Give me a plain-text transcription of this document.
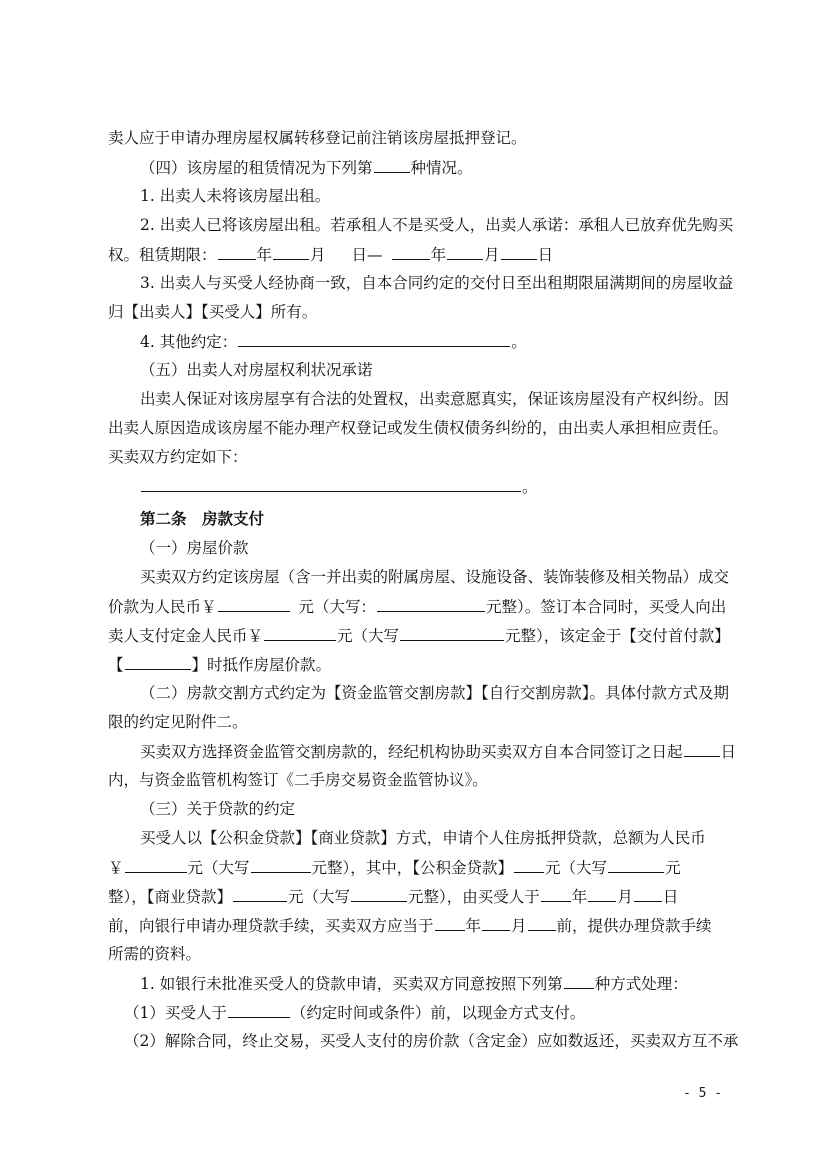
卖人应于申请办理房屋权属转移登记前注销该房屋抵押登记。
（四）该房屋的租赁情况为下列第 种情况。
1. 出卖人未将该房屋出租。
2. 出卖人已将该房屋出租。若承租人不是买受人，出卖人承诺：承租人已放弃优先购买
权。租赁期限：	年 月 日—	年 月 日
3. 出卖人与买受人经协商一致，自本合同约定的交付日至出租期限届满期间的房屋收益
归【出卖人】【买受人】所有。
4. 其他约定：	。
（五）出卖人对房屋权利状况承诺
出卖人保证对该房屋享有合法的处置权，出卖意愿真实，保证该房屋没有产权纠纷。因
出卖人原因造成该房屋不能办理产权登记或发生债权债务纠纷的，由出卖人承担相应责任。
买卖双方约定如下：
。
第二条　房款支付
（一）房屋价款
买卖双方约定该房屋（含一并出卖的附属房屋、设施设备、装饰装修及相关物品）成交
价款为人民币￥	元（大写：	元整）。签订本合同时，买受人向出
卖人支付定金人民币￥	元（大写	元整），该定金于【交付首付款】
【	】时抵作房屋价款。
（二）房款交割方式约定为【资金监管交割房款】【自行交割房款】。具体付款方式及期
限的约定见附件二。
买卖双方选择资金监管交割房款的，经纪机构协助买卖双方自本合同签订之日起 日
内，与资金监管机构签订《二手房交易资金监管协议》。
（三）关于贷款的约定
买受人以【公积金贷款】【商业贷款】方式，申请个人住房抵押贷款，总额为人民币
￥	元（大写	元整），其中，【公积金贷款】 元（大写	元
整），【商业贷款】	元（大写	元整），由买受人于 年 月 日
前，向银行申请办理贷款手续，买卖双方应当于 年 月 前，提供办理贷款手续
所需的资料。
1. 如银行未批准买受人的贷款申请，买卖双方同意按照下列第 种方式处理：
（1）买受人于	（约定时间或条件）前，以现金方式支付。
（2）解除合同，终止交易，买受人支付的房价款（含定金）应如数返还，买卖双方互不承
- 5 -
